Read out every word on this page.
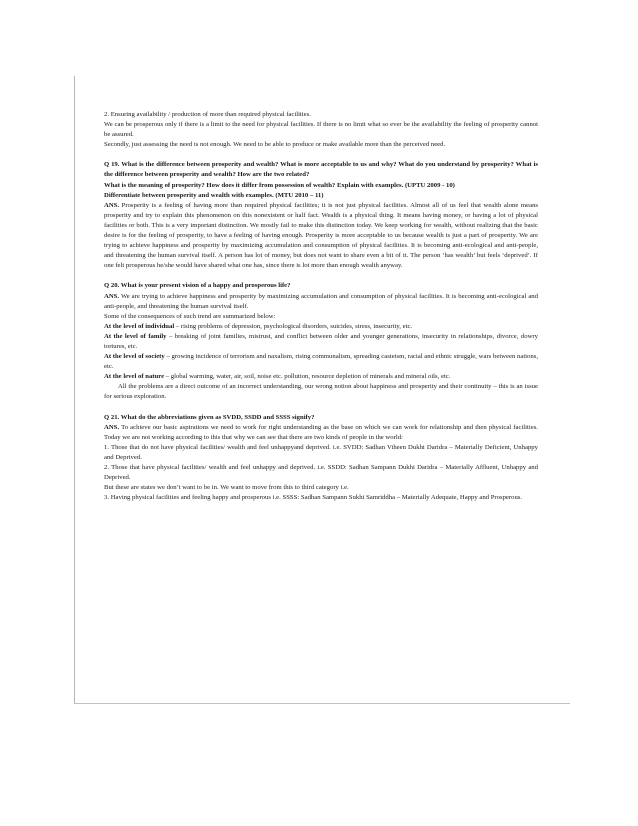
2. Ensuring availability / production of more than required physical facilities.

We can be prosperous only if there is a limit to the need for physical facilities. If there is no limit what so ever be the availability the feeling of prosperity cannot be assured.

Secondly, just assessing the need is not enough. We need to be able to produce or make available more than the perceived need.

Q 19. What is the difference between prosperity and wealth? What is more acceptable to us and why? What do you understand by prosperity? What is the difference between prosperity and wealth? How are the two related?

What is the meaning of prosperity? How does it differ from possession of wealth? Explain with examples. (UPTU 2009 - 10)

Differentiate between prosperity and wealth with examples. (MTU 2010 – 11)

ANS. Prosperity is a feeling of having more than required physical facilities; it is not just physical facilities. Almost all of us feel that wealth alone means prosperity and try to explain this phenomenon on this nonexistent or half fact. Wealth is a physical thing. It means having money, or having a lot of physical facilities or both. This is a very important distinction. We mostly fail to make this distinction today. We keep working for wealth, without realizing that the basic desire is for the feeling of prosperity, to have a feeling of having enough. Prosperity is more acceptable to us because wealth is just a part of prosperity. We are trying to achieve happiness and prosperity by maximizing accumulation and consumption of physical facilities. It is becoming anti-ecological and anti-people, and threatening the human survival itself. A person has lot of money, but does not want to share even a bit of it. The person ‘has wealth’ but feels ‘deprived’. If one felt prosperous he/she would have shared what one has, since there is lot more than enough wealth anyway.

Q 20. What is your present vision of a happy and prosperous life?

ANS. We are trying to achieve happiness and prosperity by maximizing accumulation and consumption of physical facilities. It is becoming anti-ecological and anti-people, and threatening the human survival itself.

Some of the consequences of such trend are summarized below:

At the level of individual – rising problems of depression, psychological disorders, suicides, stress, insecurity, etc.

At the level of family – breaking of joint families, mistrust, and conflict between older and younger generations, insecurity in relationships, divorce, dowry tortures, etc.

At the level of society – growing incidence of terrorism and naxalism, rising communalism, spreading casteism, racial and ethnic struggle, wars between nations, etc.

At the level of nature – global warming, water, air, soil, noise etc. pollution, resource depletion of minerals and mineral oils, etc.

All the problems are a direct outcome of an incorrect understanding, our wrong notion about happiness and prosperity and their continuity – this is an issue for serious exploration.

Q 21. What do the abbreviations given as SVDD, SSDD and SSSS signify?

ANS. To achieve our basic aspirations we need to work for right understanding as the base on which we can work for relationship and then physical facilities. Today we are not working according to this that why we can see that there are two kinds of people in the world:

1. Those that do not have physical facilities/ wealth and feel unhappyand deprived. i.e. SVDD: Sadhan Viheen Dukhi Daridra – Materially Deficient, Unhappy and Deprived.

2. Those that have physical facilities/ wealth and feel unhappy and deprived. i.e. SSDD: Sadhan Sampann Dukhi Daridra – Materially Affluent, Unhappy and Deprived.

But these are states we don’t want to be in. We want to move from this to third category i.e.

3. Having physical facilities and feeling happy and prosperous i.e. SSSS: Sadhan Sampann Sukhi Samriddha – Materially Adequate, Happy and Prosperous.
